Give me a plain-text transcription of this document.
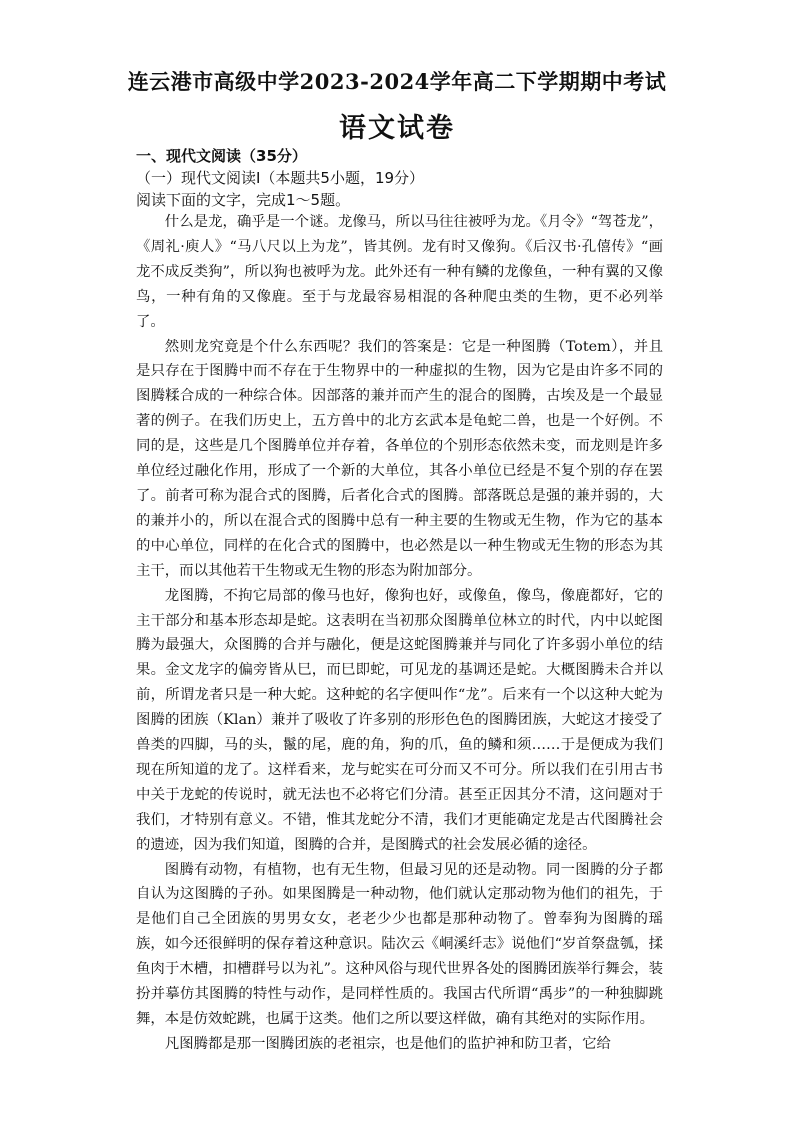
连云港市高级中学2023-2024学年高二下学期期中考试
语文试卷
一、现代文阅读（35分）
（一）现代文阅读Ⅰ（本题共5小题，19分）
阅读下面的文字，完成1～5题。

什么是龙，确乎是一个谜。龙像马，所以马往往被呼为龙。《月令》“驾苍龙”，《周礼·庾人》“马八尺以上为龙”，皆其例。龙有时又像狗。《后汉书·孔僖传》“画龙不成反类狗”，所以狗也被呼为龙。此外还有一种有鳞的龙像鱼，一种有翼的又像鸟，一种有角的又像鹿。至于与龙最容易相混的各种爬虫类的生物，更不必列举了。

然则龙究竟是个什么东西呢？我们的答案是：它是一种图腾（Totem），并且是只存在于图腾中而不存在于生物界中的一种虚拟的生物，因为它是由许多不同的图腾糅合成的一种综合体。因部落的兼并而产生的混合的图腾，古埃及是一个最显著的例子。在我们历史上，五方兽中的北方玄武本是龟蛇二兽，也是一个好例。不同的是，这些是几个图腾单位并存着，各单位的个别形态依然未变，而龙则是许多单位经过融化作用，形成了一个新的大单位，其各小单位已经是不复个别的存在罢了。前者可称为混合式的图腾，后者化合式的图腾。部落既总是强的兼并弱的，大的兼并小的，所以在混合式的图腾中总有一种主要的生物或无生物，作为它的基本的中心单位，同样的在化合式的图腾中，也必然是以一种生物或无生物的形态为其主干，而以其他若干生物或无生物的形态为附加部分。

龙图腾，不拘它局部的像马也好，像狗也好，或像鱼，像鸟，像鹿都好，它的主干部分和基本形态却是蛇。这表明在当初那众图腾单位林立的时代，内中以蛇图腾为最强大，众图腾的合并与融化，便是这蛇图腾兼并与同化了许多弱小单位的结果。金文龙字的偏旁皆从巳，而巳即蛇，可见龙的基调还是蛇。大概图腾未合并以前，所谓龙者只是一种大蛇。这种蛇的名字便叫作“龙”。后来有一个以这种大蛇为图腾的团族（Klan）兼并了吸收了许多别的形形色色的图腾团族，大蛇这才接受了兽类的四脚，马的头，鬣的尾，鹿的角，狗的爪，鱼的鳞和须……于是便成为我们现在所知道的龙了。这样看来，龙与蛇实在可分而又不可分。所以我们在引用古书中关于龙蛇的传说时，就无法也不必将它们分清。甚至正因其分不清，这问题对于我们，才特别有意义。不错，惟其龙蛇分不清，我们才更能确定龙是古代图腾社会的遗迹，因为我们知道，图腾的合并，是图腾式的社会发展必循的途径。

图腾有动物，有植物，也有无生物，但最习见的还是动物。同一图腾的分子都自认为这图腾的子孙。如果图腾是一种动物，他们就认定那动物为他们的祖先，于是他们自己全团族的男男女女，老老少少也都是那种动物了。曾奉狗为图腾的瑶族，如今还很鲜明的保存着这种意识。陆次云《峒溪纤志》说他们“岁首祭盘瓠，揉鱼肉于木槽，扣槽群号以为礼”。这种风俗与现代世界各处的图腾团族举行舞会，装扮并摹仿其图腾的特性与动作，是同样性质的。我国古代所谓“禹步”的一种独脚跳舞，本是仿效蛇跳，也属于这类。他们之所以要这样做，确有其绝对的实际作用。

凡图腾都是那一图腾团族的老祖宗，也是他们的监护神和防卫者，它给
